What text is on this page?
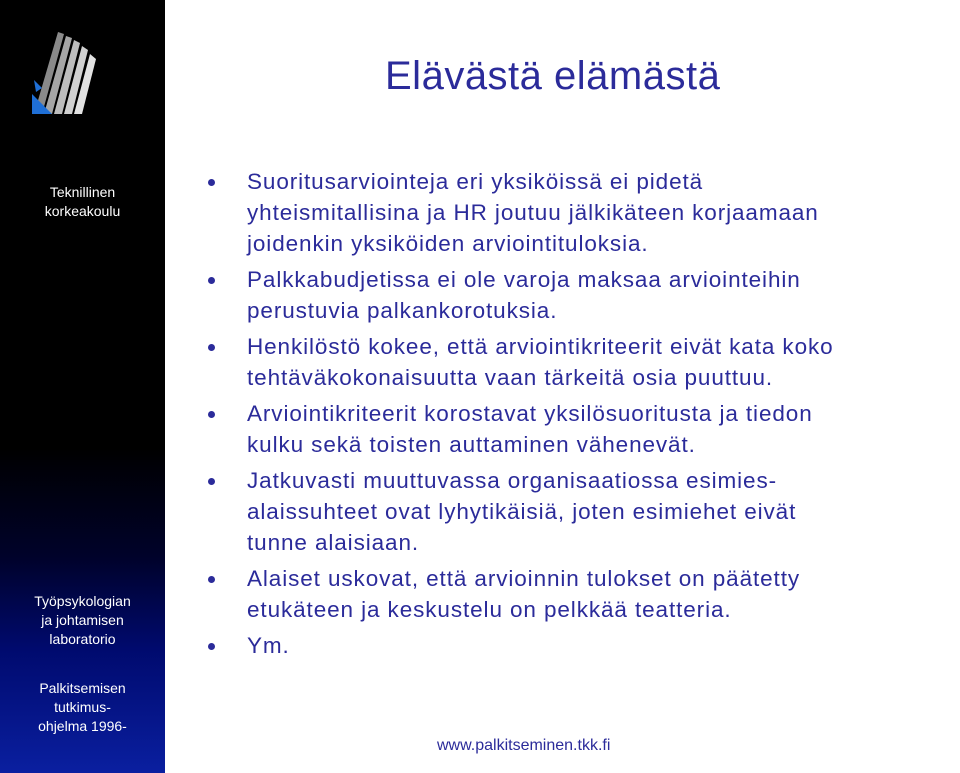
Teknillinen
korkeakoulu
Työpsykologian
ja johtamisen
laboratorio
Palkitsemisen
tutkimus-
ohjelma 1996-
Elävästä elämästä
Suoritusarviointeja eri yksiköissä ei pidetä
yhteismitallisina ja HR joutuu jälkikäteen korjaamaan
joidenkin yksiköiden arviointituloksia.
Palkkabudjetissa ei ole varoja maksaa arviointeihin
perustuvia palkankorotuksia.
Henkilöstö kokee, että arviointikriteerit eivät kata koko
tehtäväkokonaisuutta vaan tärkeitä osia puuttuu.
Arviointikriteerit korostavat yksilösuoritusta ja tiedon
kulku sekä toisten auttaminen vähenevät.
Jatkuvasti muuttuvassa organisaatiossa esimies-
alaissuhteet ovat lyhytikäisiä, joten esimiehet eivät
tunne alaisiaan.
Alaiset uskovat, että arvioinnin tulokset on päätetty
etukäteen ja keskustelu on pelkkää teatteria.
Ym.
www.palkitseminen.tkk.fi
